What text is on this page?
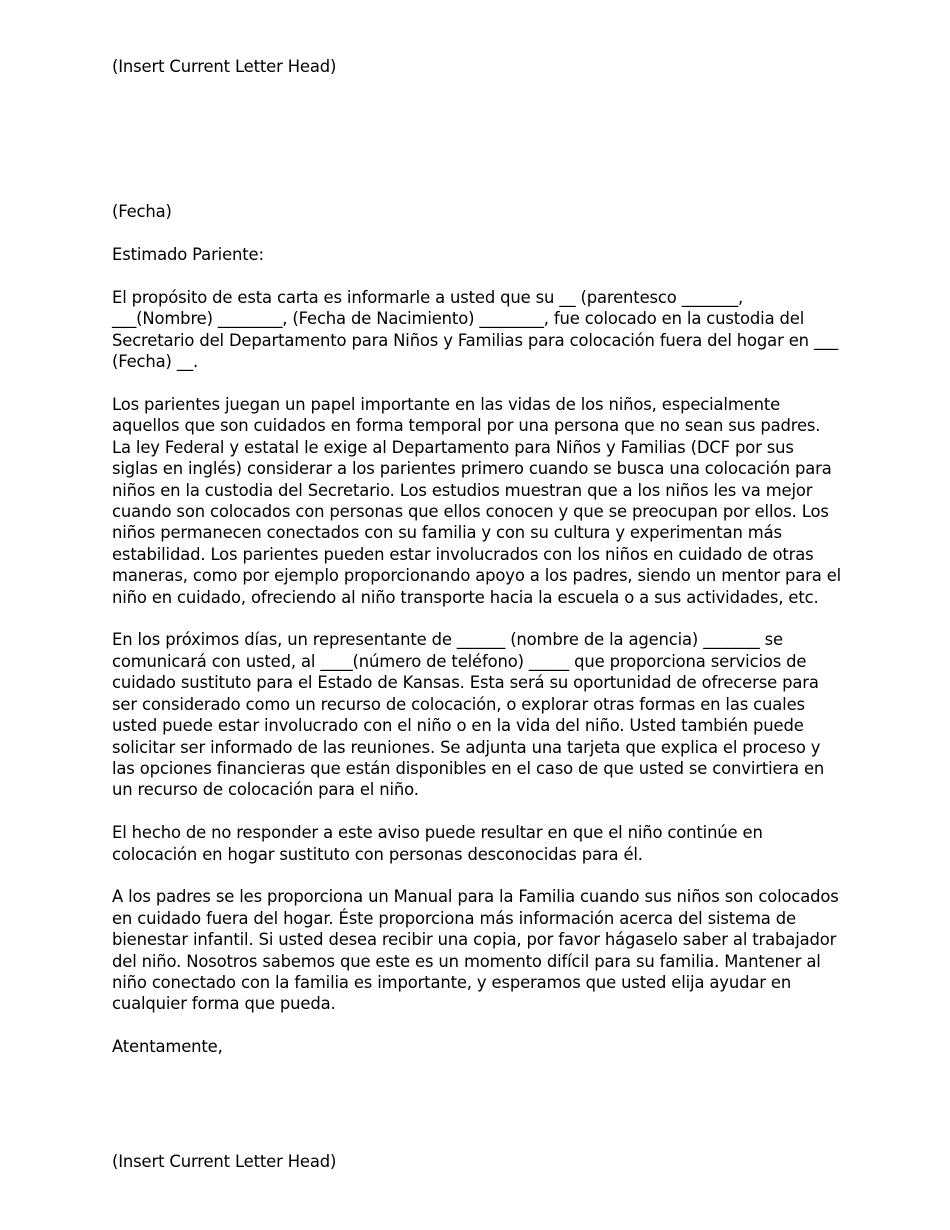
(Insert Current Letter Head)

(Fecha)

Estimado Pariente:

El propósito de esta carta es informarle a usted que su __ (parentesco _______, ___(Nombre) ________, (Fecha de Nacimiento) ________, fue colocado en la custodia del Secretario del Departamento para Niños y Familias para colocación fuera del hogar en ___ (Fecha) __.

Los parientes juegan un papel importante en las vidas de los niños, especialmente aquellos que son cuidados en forma temporal por una persona que no sean sus padres. La ley Federal y estatal le exige al Departamento para Niños y Familias (DCF por sus siglas en inglés) considerar a los parientes primero cuando se busca una colocación para niños en la custodia del Secretario. Los estudios muestran que a los niños les va mejor cuando son colocados con personas que ellos conocen y que se preocupan por ellos. Los niños permanecen conectados con su familia y con su cultura y experimentan más estabilidad. Los parientes pueden estar involucrados con los niños en cuidado de otras maneras, como por ejemplo proporcionando apoyo a los padres, siendo un mentor para el niño en cuidado, ofreciendo al niño transporte hacia la escuela o a sus actividades, etc.

En los próximos días, un representante de ______ (nombre de la agencia) _______ se comunicará con usted, al ____(número de teléfono) _____ que proporciona servicios de cuidado sustituto para el Estado de Kansas. Esta será su oportunidad de ofrecerse para ser considerado como un recurso de colocación, o explorar otras formas en las cuales usted puede estar involucrado con el niño o en la vida del niño. Usted también puede solicitar ser informado de las reuniones. Se adjunta una tarjeta que explica el proceso y las opciones financieras que están disponibles en el caso de que usted se convirtiera en un recurso de colocación para el niño.

El hecho de no responder a este aviso puede resultar en que el niño continúe en colocación en hogar sustituto con personas desconocidas para él.

A los padres se les proporciona un Manual para la Familia cuando sus niños son colocados en cuidado fuera del hogar. Éste proporciona más información acerca del sistema de bienestar infantil. Si usted desea recibir una copia, por favor hágaselo saber al trabajador del niño. Nosotros sabemos que este es un momento difícil para su familia. Mantener al niño conectado con la familia es importante, y esperamos que usted elija ayudar en cualquier forma que pueda.

Atentamente,

(Insert Current Letter Head)
